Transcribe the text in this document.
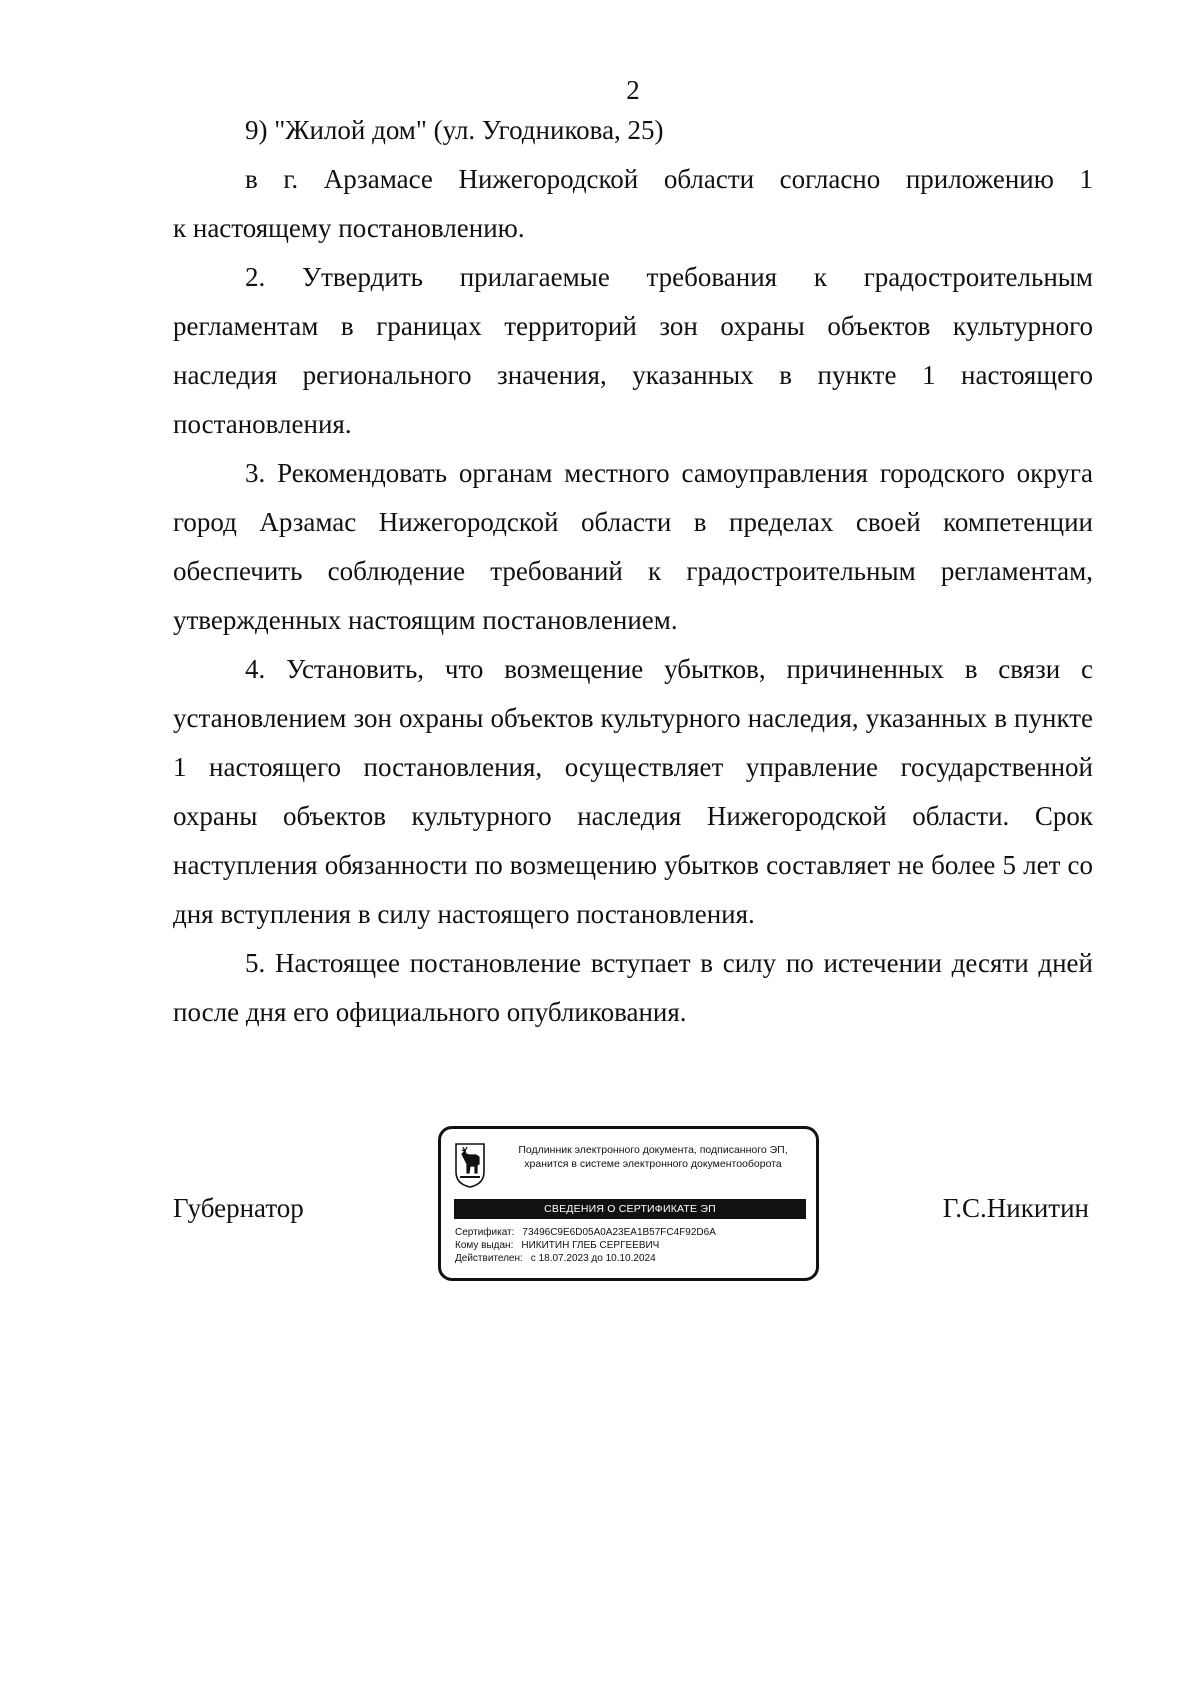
2

9) "Жилой дом" (ул. Угодникова, 25)

в г. Арзамасе Нижегородской области согласно приложению 1

к настоящему постановлению.

2. Утвердить прилагаемые требования к градостроительным регламентам в границах территорий зон охраны объектов культурного наследия регионального значения, указанных в пункте 1 настоящего постановления.

3. Рекомендовать органам местного самоуправления городского округа город Арзамас Нижегородской области в пределах своей компетенции обеспечить соблюдение требований к градостроительным регламентам, утвержденных настоящим постановлением.

4. Установить, что возмещение убытков, причиненных в связи с установлением зон охраны объектов культурного наследия, указанных в пункте 1 настоящего постановления, осуществляет управление государственной охраны объектов культурного наследия Нижегородской области. Срок наступления обязанности по возмещению убытков составляет не более 5 лет со дня вступления в силу настоящего постановления.

5. Настоящее постановление вступает в силу по истечении десяти дней после дня его официального опубликования.

Губернатор	Г.С.Никитин
Подлинник электронного документа, подписанного ЭП,
хранится в системе электронного документооборота
СВЕДЕНИЯ О СЕРТИФИКАТЕ ЭП
Сертификат: 73496C9E6D05A0A23EA1B57FC4F92D6A
Кому выдан: НИКИТИН ГЛЕБ СЕРГЕЕВИЧ
Действителен: с 18.07.2023 до 10.10.2024
